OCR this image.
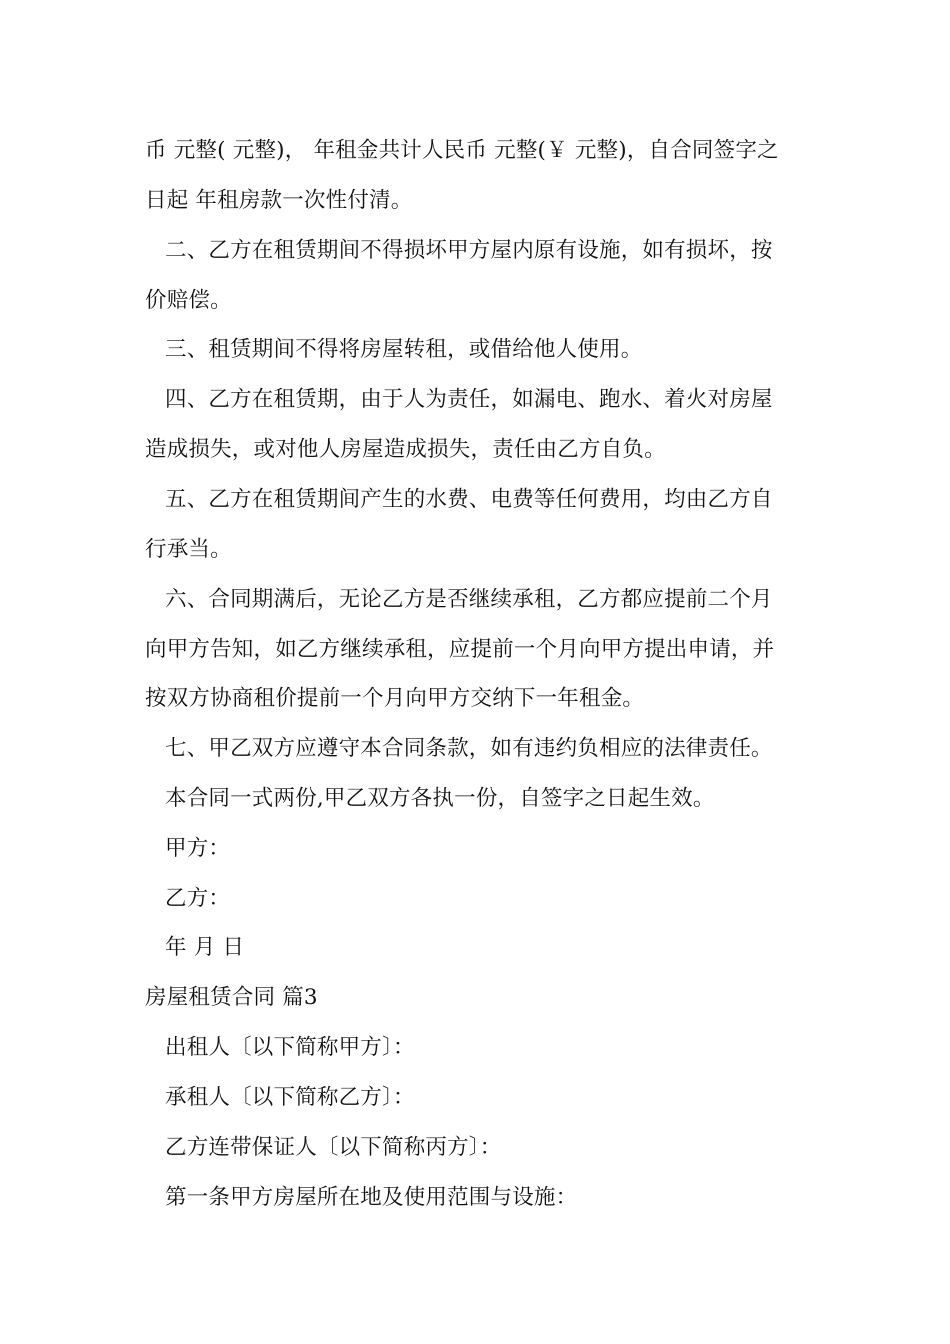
币 元整( 元整)， 年租金共计人民币 元整(￥ 元整)，自合同签字之
日起 年租房款一次性付清。
二、乙方在租赁期间不得损坏甲方屋内原有设施，如有损坏，按
价赔偿。
三、租赁期间不得将房屋转租，或借给他人使用。
四、乙方在租赁期，由于人为责任，如漏电、跑水、着火对房屋
造成损失，或对他人房屋造成损失，责任由乙方自负。
五、乙方在租赁期间产生的水费、电费等任何费用，均由乙方自
行承当。
六、合同期满后，无论乙方是否继续承租，乙方都应提前二个月
向甲方告知，如乙方继续承租，应提前一个月向甲方提出申请，并
按双方协商租价提前一个月向甲方交纳下一年租金。
七、甲乙双方应遵守本合同条款，如有违约负相应的法律责任。
本合同一式两份,甲乙双方各执一份，自签字之日起生效。
甲方：
乙方：
年 月 日
房屋租赁合同 篇3
出租人〔以下简称甲方〕：
承租人〔以下简称乙方〕：
乙方连带保证人〔以下简称丙方〕：
第一条甲方房屋所在地及使用范围与设施：
